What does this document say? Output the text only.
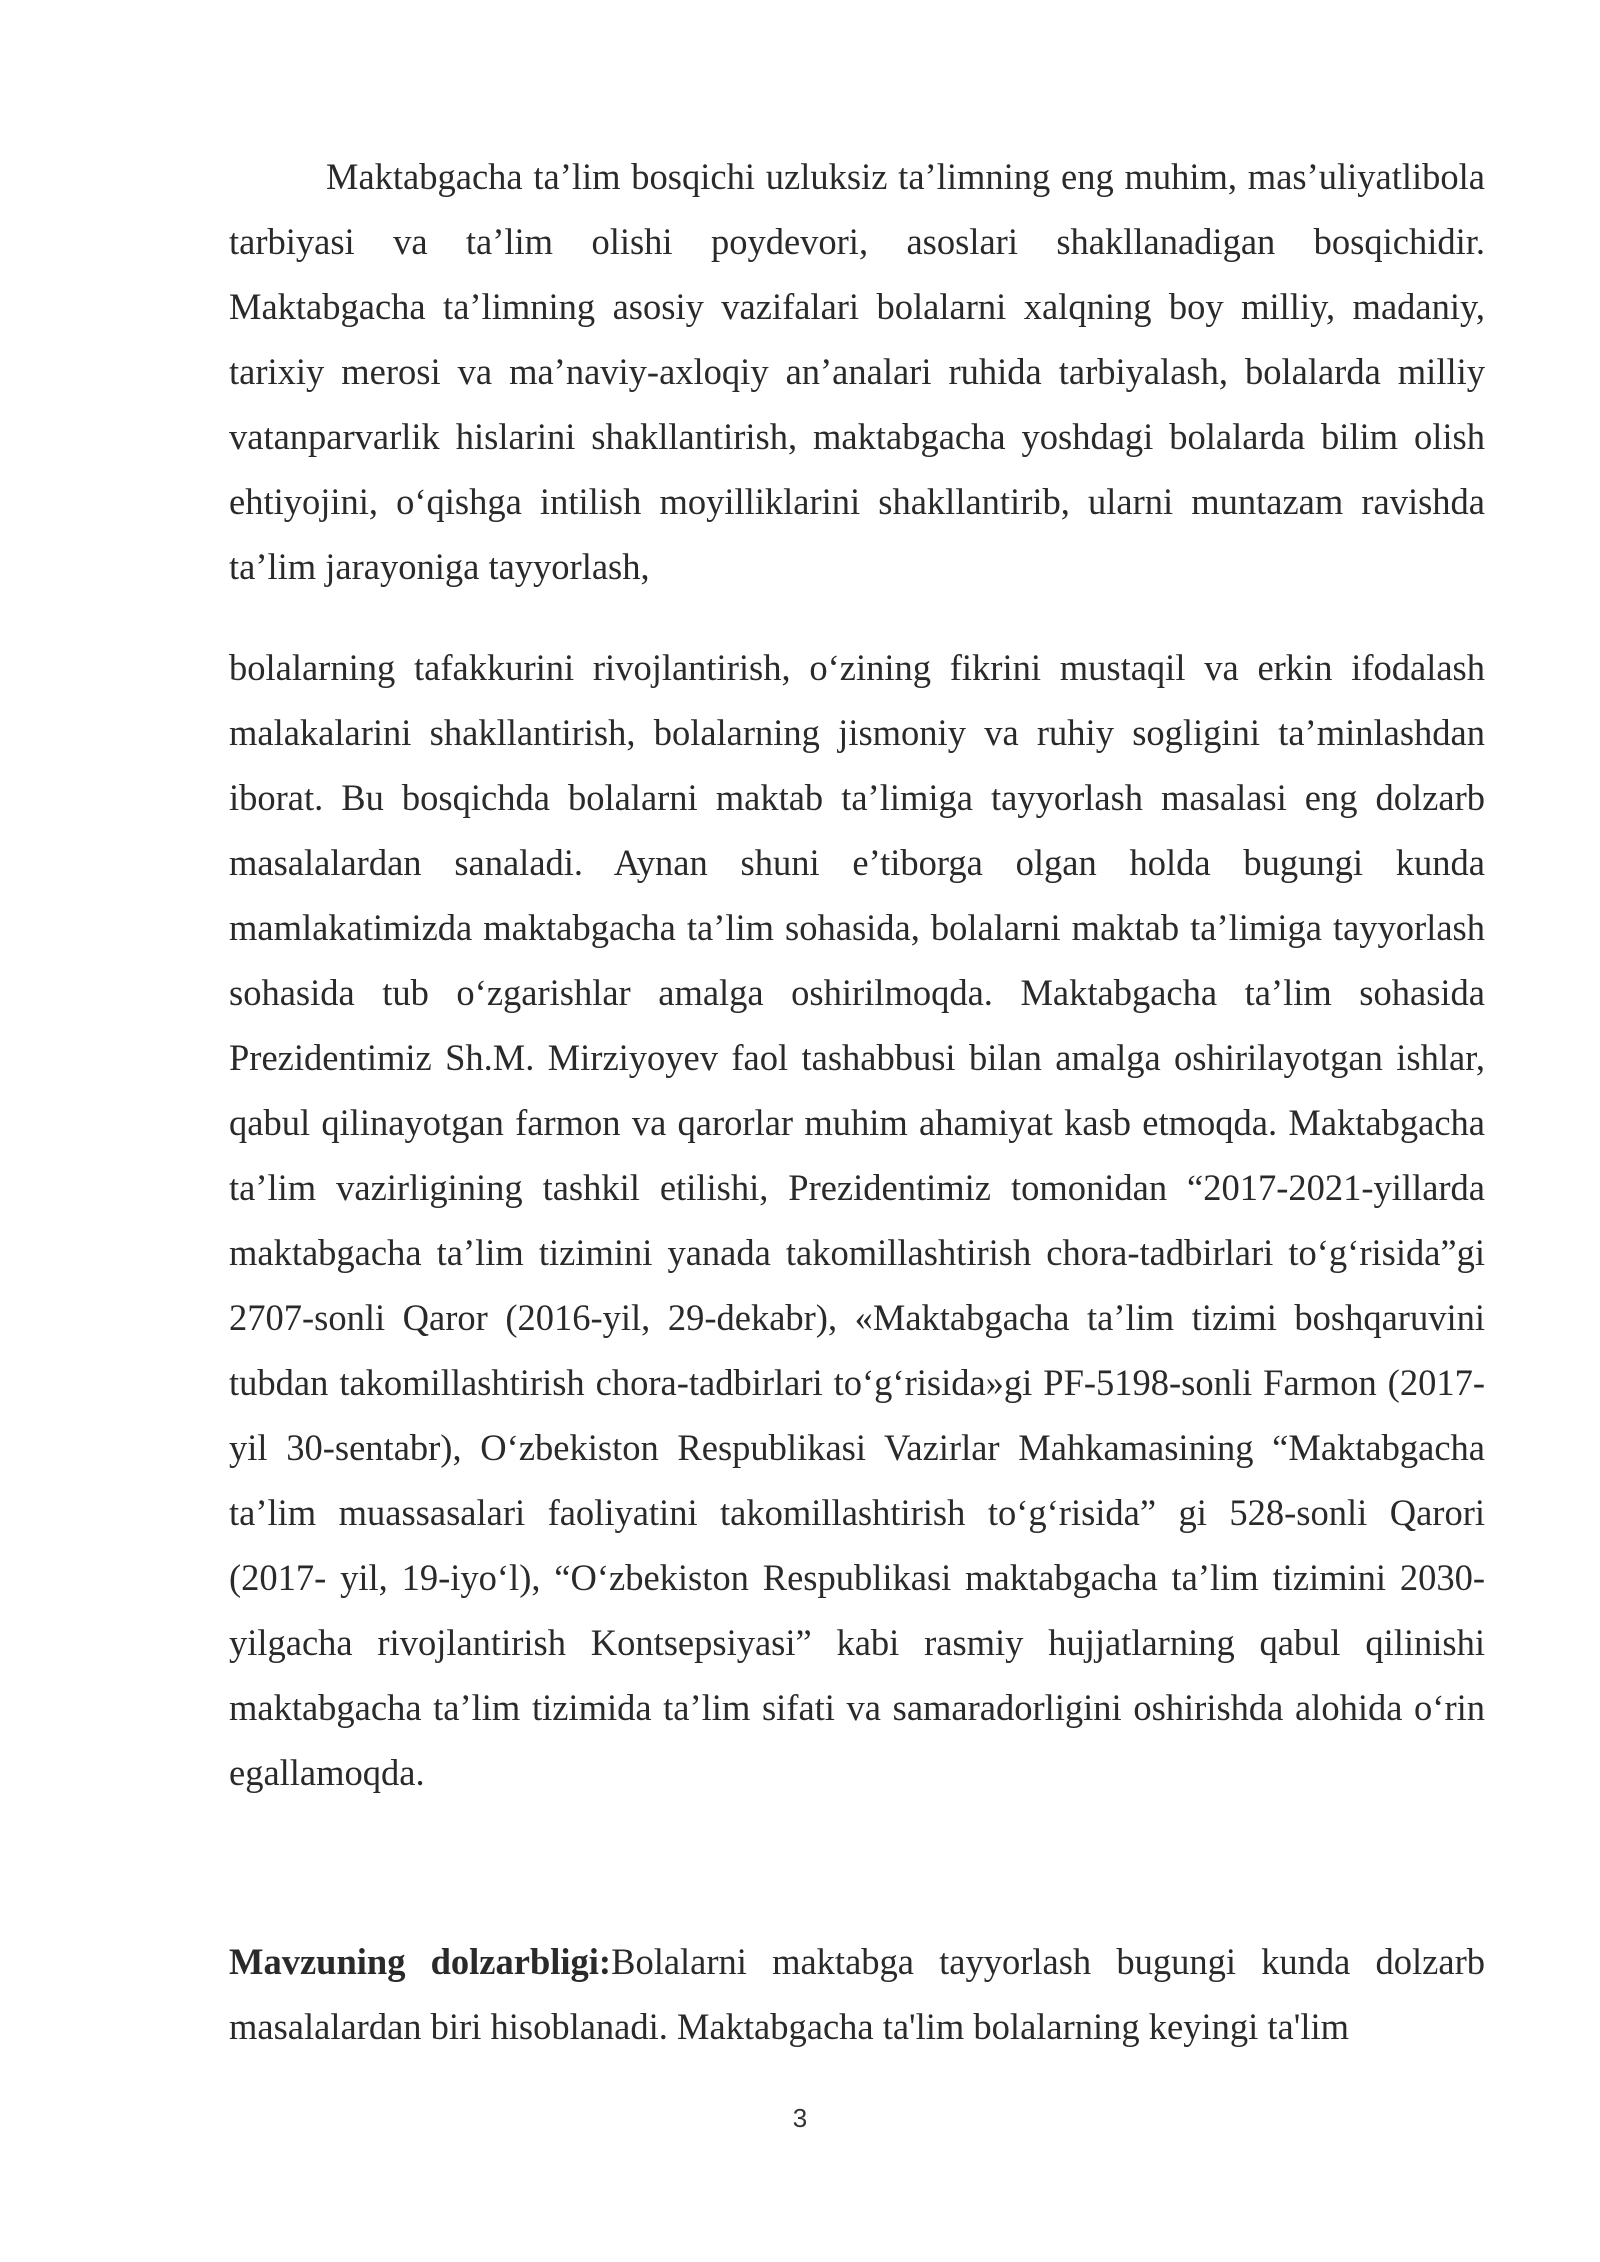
Maktabgacha ta’lim bosqichi uzluksiz ta’limning eng muhim, mas’uliyatlibola tarbiyasi va ta’lim olishi poydevori, asoslari shakllanadigan bosqichidir. Maktabgacha ta’limning asosiy vazifalari bolalarni xalqning boy milliy, madaniy, tarixiy merosi va ma’naviy-axloqiy an’analari ruhida tarbiyalash, bolalarda milliy vatanparvarlik hislarini shakllantirish, maktabgacha yoshdagi bolalarda bilim olish ehtiyojini, oʻqishga intilish moyilliklarini shakllantirib, ularni muntazam ravishda ta’lim jarayoniga tayyorlash,

bolalarning tafakkurini rivojlantirish, oʻzining fikrini mustaqil va erkin ifodalash malakalarini shakllantirish, bolalarning jismoniy va ruhiy sogligini ta’minlashdan iborat. Bu bosqichda bolalarni maktab ta’limiga tayyorlash masalasi eng dolzarb masalalardan sanaladi. Aynan shuni e’tiborga olgan holda bugungi kunda mamlakatimizda maktabgacha ta’lim sohasida, bolalarni maktab ta’limiga tayyorlash sohasida tub oʻzgarishlar amalga oshirilmoqda. Maktabgacha ta’lim sohasida Prezidentimiz Sh.M. Mirziyoyev faol tashabbusi bilan amalga oshirilayotgan ishlar, qabul qilinayotgan farmon va qarorlar muhim ahamiyat kasb etmoqda. Maktabgacha ta’lim vazirligining tashkil etilishi, Prezidentimiz tomonidan “2017-2021-yillarda maktabgacha ta’lim tizimini yanada takomillashtirish chora-tadbirlari toʻgʻrisida”gi 2707-sonli Qaror (2016-yil, 29-dekabr), «Maktabgacha ta’lim tizimi boshqaruvini tubdan takomillashtirish chora-tadbirlari toʻgʻrisida»gi PF-5198-sonli Farmon (2017-yil 30-sentabr), Oʻzbekiston Respublikasi Vazirlar Mahkamasining “Maktabgacha ta’lim muassasalari faoliyatini takomillashtirish toʻgʻrisida” gi 528-sonli Qarori (2017- yil, 19-iyoʻl), “Oʻzbekiston Respublikasi maktabgacha ta’lim tizimini 2030-yilgacha rivojlantirish Kontsepsiyasi” kabi rasmiy hujjatlarning qabul qilinishi maktabgacha ta’lim tizimida ta’lim sifati va samaradorligini oshirishda alohida oʻrin egallamoqda.

Mavzuning dolzarbligi:Bolalarni maktabga tayyorlash bugungi kunda dolzarb masalalardan biri hisoblanadi. Maktabgacha ta'lim bolalarning keyingi ta'lim

3
